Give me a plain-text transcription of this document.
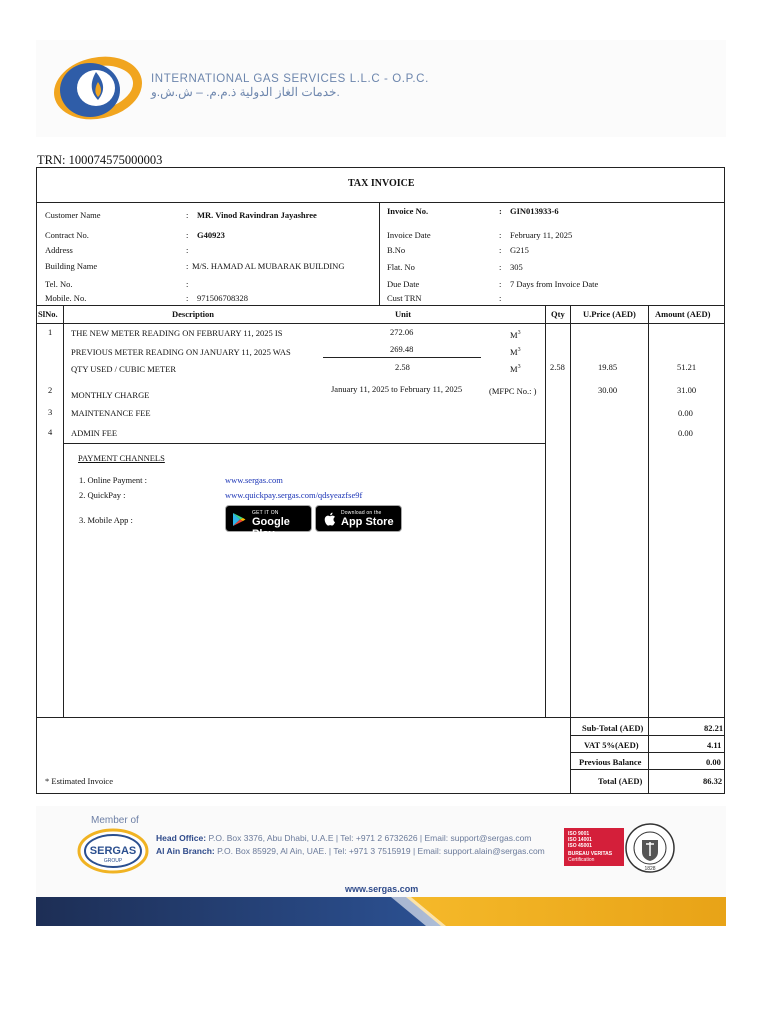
INTERNATIONAL GAS SERVICES L.L.C - O.P.C.
خدمات الغاز الدولية ذ.م.م. – ش.ش.و.
TRN: 100074575000003
TAX INVOICE
Customer Name	: MR. Vinod Ravindran Jayashree
Contract No.	: G40923
Address	:
Building Name	: M/S. HAMAD AL MUBARAK BUILDING
Tel. No.	:
Mobile. No.	: 971506708328
Invoice No.	: GIN013933-6
Invoice Date	: February 11, 2025
B.No	: G215
Flat. No	: 305
Due Date	: 7 Days from Invoice Date
Cust TRN	:
SlNo.	Description	Unit	Qty U.Price (AED) Amount (AED)
1 THE NEW METER READING ON FEBRUARY 11, 2025 IS	272.06	$M^3$
PREVIOUS METER READING ON JANUARY 11, 2025 WAS	269.48	$M^3$
QTY USED / CUBIC METER	2.58	$M^3$	2.58	19.85	51.21
2 MONTHLY CHARGE
January 11, 2025 to February 11, 2025	(MFPC No.: )	30.00	31.00
3 MAINTENANCE FEE	0.00
4 ADMIN FEE	0.00
PAYMENT CHANNELS
1. Online Payment :	www.sergas.com
2. QuickPay :	www.quickpay.sergas.com/qdsyeazfse9f
3. Mobile App :
GET IT ON
Google Play
Download on the
App Store
Sub-Total (AED)	82.21
VAT 5%(AED)	4.11
Previous Balance	0.00
Total (AED)	86.32
* Estimated Invoice
Member of
SERGAS
GROUP
Head Office: P.O. Box 3376, Abu Dhabi, U.A.E | Tel: +971 2 6732626 | Email: support@sergas.com
Al Ain Branch: P.O. Box 85929, Al Ain, UAE. | Tel: +971 3 7515919 | Email: support.alain@sergas.com
ISO 9001
ISO 14001
ISO 45001
BUREAU VERITAS
Certification
1828
www.sergas.com
